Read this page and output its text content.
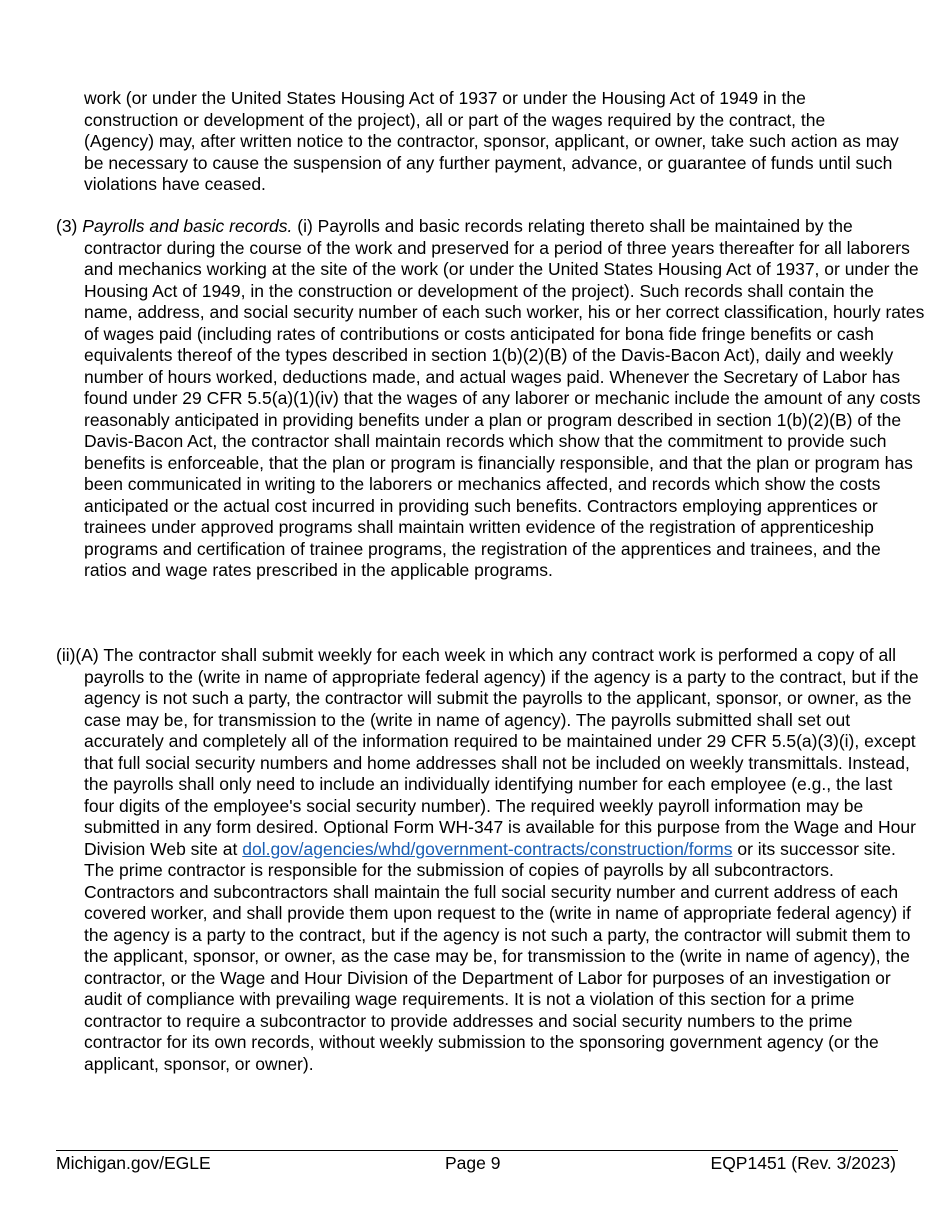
work (or under the United States Housing Act of 1937 or under the Housing Act of 1949 in the construction or development of the project), all or part of the wages required by the contract, the (Agency) may, after written notice to the contractor, sponsor, applicant, or owner, take such action as may be necessary to cause the suspension of any further payment, advance, or guarantee of funds until such violations have ceased.

(3) Payrolls and basic records. (i) Payrolls and basic records relating thereto shall be maintained by the contractor during the course of the work and preserved for a period of three years thereafter for all laborers and mechanics working at the site of the work (or under the United States Housing Act of 1937, or under the Housing Act of 1949, in the construction or development of the project). Such records shall contain the name, address, and social security number of each such worker, his or her correct classification, hourly rates of wages paid (including rates of contributions or costs anticipated for bona fide fringe benefits or cash equivalents thereof of the types described in section 1(b)(2)(B) of the Davis-Bacon Act), daily and weekly number of hours worked, deductions made, and actual wages paid. Whenever the Secretary of Labor has found under 29 CFR 5.5(a)(1)(iv) that the wages of any laborer or mechanic include the amount of any costs reasonably anticipated in providing benefits under a plan or program described in section 1(b)(2)(B) of the Davis-Bacon Act, the contractor shall maintain records which show that the commitment to provide such benefits is enforceable, that the plan or program is financially responsible, and that the plan or program has been communicated in writing to the laborers or mechanics affected, and records which show the costs anticipated or the actual cost incurred in providing such benefits. Contractors employing apprentices or trainees under approved programs shall maintain written evidence of the registration of apprenticeship programs and certification of trainee programs, the registration of the apprentices and trainees, and the ratios and wage rates prescribed in the applicable programs.

(ii)(A) The contractor shall submit weekly for each week in which any contract work is performed a copy of all payrolls to the (write in name of appropriate federal agency) if the agency is a party to the contract, but if the agency is not such a party, the contractor will submit the payrolls to the applicant, sponsor, or owner, as the case may be, for transmission to the (write in name of agency). The payrolls submitted shall set out accurately and completely all of the information required to be maintained under 29 CFR 5.5(a)(3)(i), except that full social security numbers and home addresses shall not be included on weekly transmittals. Instead, the payrolls shall only need to include an individually identifying number for each employee (e.g., the last four digits of the employee's social security number). The required weekly payroll information may be submitted in any form desired. Optional Form WH-347 is available for this purpose from the Wage and Hour Division Web site at dol.gov/agencies/whd/government-contracts/construction/forms or its successor site. The prime contractor is responsible for the submission of copies of payrolls by all subcontractors. Contractors and subcontractors shall maintain the full social security number and current address of each covered worker, and shall provide them upon request to the (write in name of appropriate federal agency) if the agency is a party to the contract, but if the agency is not such a party, the contractor will submit them to the applicant, sponsor, or owner, as the case may be, for transmission to the (write in name of agency), the contractor, or the Wage and Hour Division of the Department of Labor for purposes of an investigation or audit of compliance with prevailing wage requirements. It is not a violation of this section for a prime contractor to require a subcontractor to provide addresses and social security numbers to the prime contractor for its own records, without weekly submission to the sponsoring government agency (or the applicant, sponsor, or owner).

Michigan.gov/EGLE	Page 9	EQP1451 (Rev. 3/2023)
